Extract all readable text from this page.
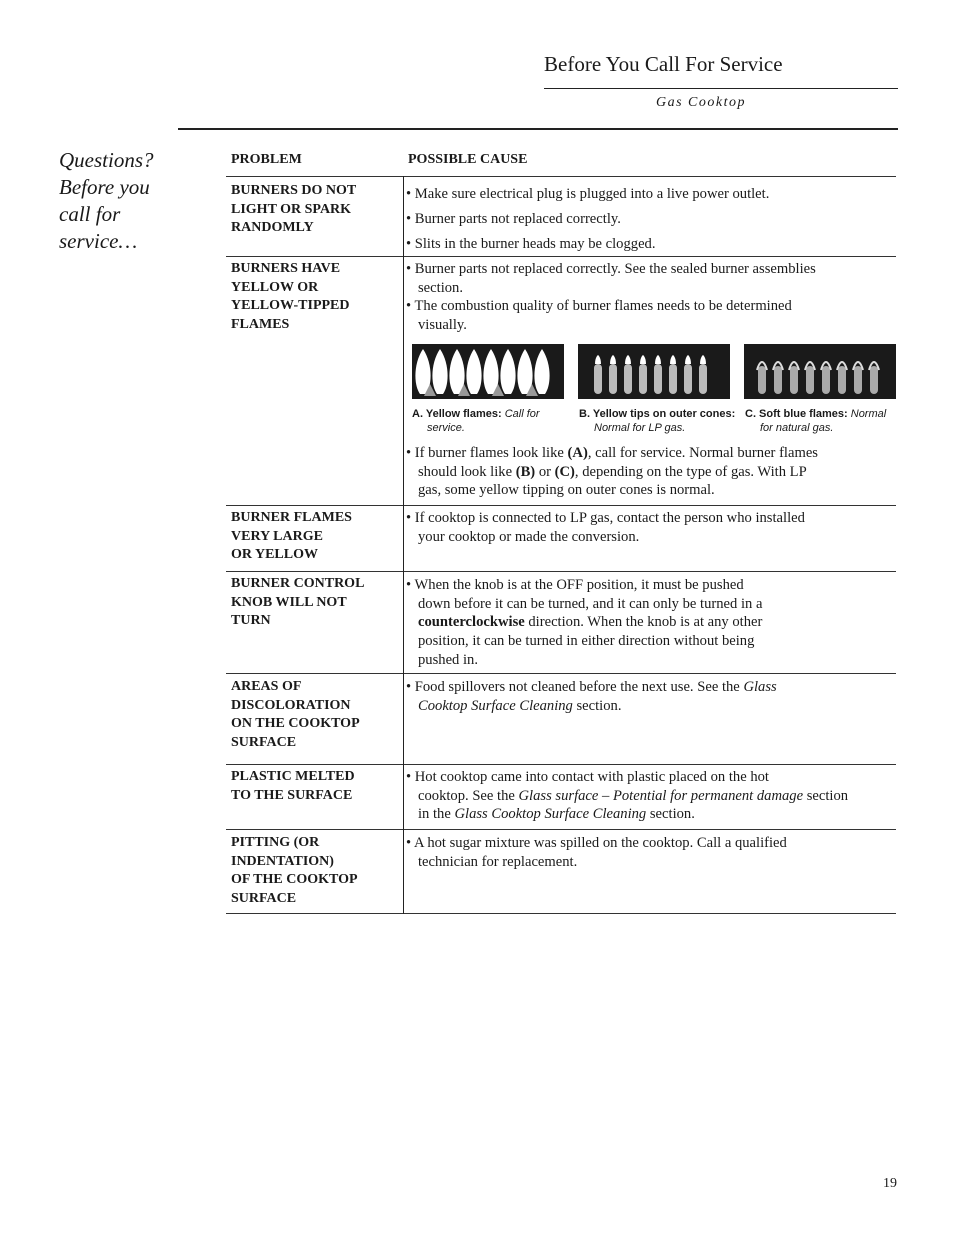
Before You Call For Service
Gas Cooktop
Questions?
Before you
call for
service…
PROBLEM	POSSIBLE CAUSE
BURNERS DO NOT
LIGHT OR SPARK
RANDOMLY
BURNERS HAVE
YELLOW OR
YELLOW-TIPPED
FLAMES
BURNER FLAMES
VERY LARGE
OR YELLOW
BURNER CONTROL
KNOB WILL NOT
TURN
AREAS OF
DISCOLORATION
ON THE COOKTOP
SURFACE
PLASTIC MELTED
TO THE SURFACE
PITTING (OR
INDENTATION)
OF THE COOKTOP
SURFACE
• Make sure electrical plug is plugged into a live power outlet.
• Burner parts not replaced correctly.
• Slits in the burner heads may be clogged.
• Burner parts not replaced correctly. See the sealed burner assemblies
section.
• The combustion quality of burner flames needs to be determined
visually.
A. Yellow flames: Call for
service.
B. Yellow tips on outer cones:
Normal for LP gas.
C. Soft blue flames: Normal
for natural gas.
• If burner flames look like (A), call for service. Normal burner flames
should look like (B) or (C), depending on the type of gas. With LP
gas, some yellow tipping on outer cones is normal.
• If cooktop is connected to LP gas, contact the person who installed
your cooktop or made the conversion.
• When the knob is at the OFF position, it must be pushed
down before it can be turned, and it can only be turned in a
counterclockwise direction. When the knob is at any other
position, it can be turned in either direction without being
pushed in.
• Food spillovers not cleaned before the next use. See the Glass
Cooktop Surface Cleaning section.
• Hot cooktop came into contact with plastic placed on the hot
cooktop. See the Glass surface – Potential for permanent damage section
in the Glass Cooktop Surface Cleaning section.
• A hot sugar mixture was spilled on the cooktop. Call a qualified
technician for replacement.
19
